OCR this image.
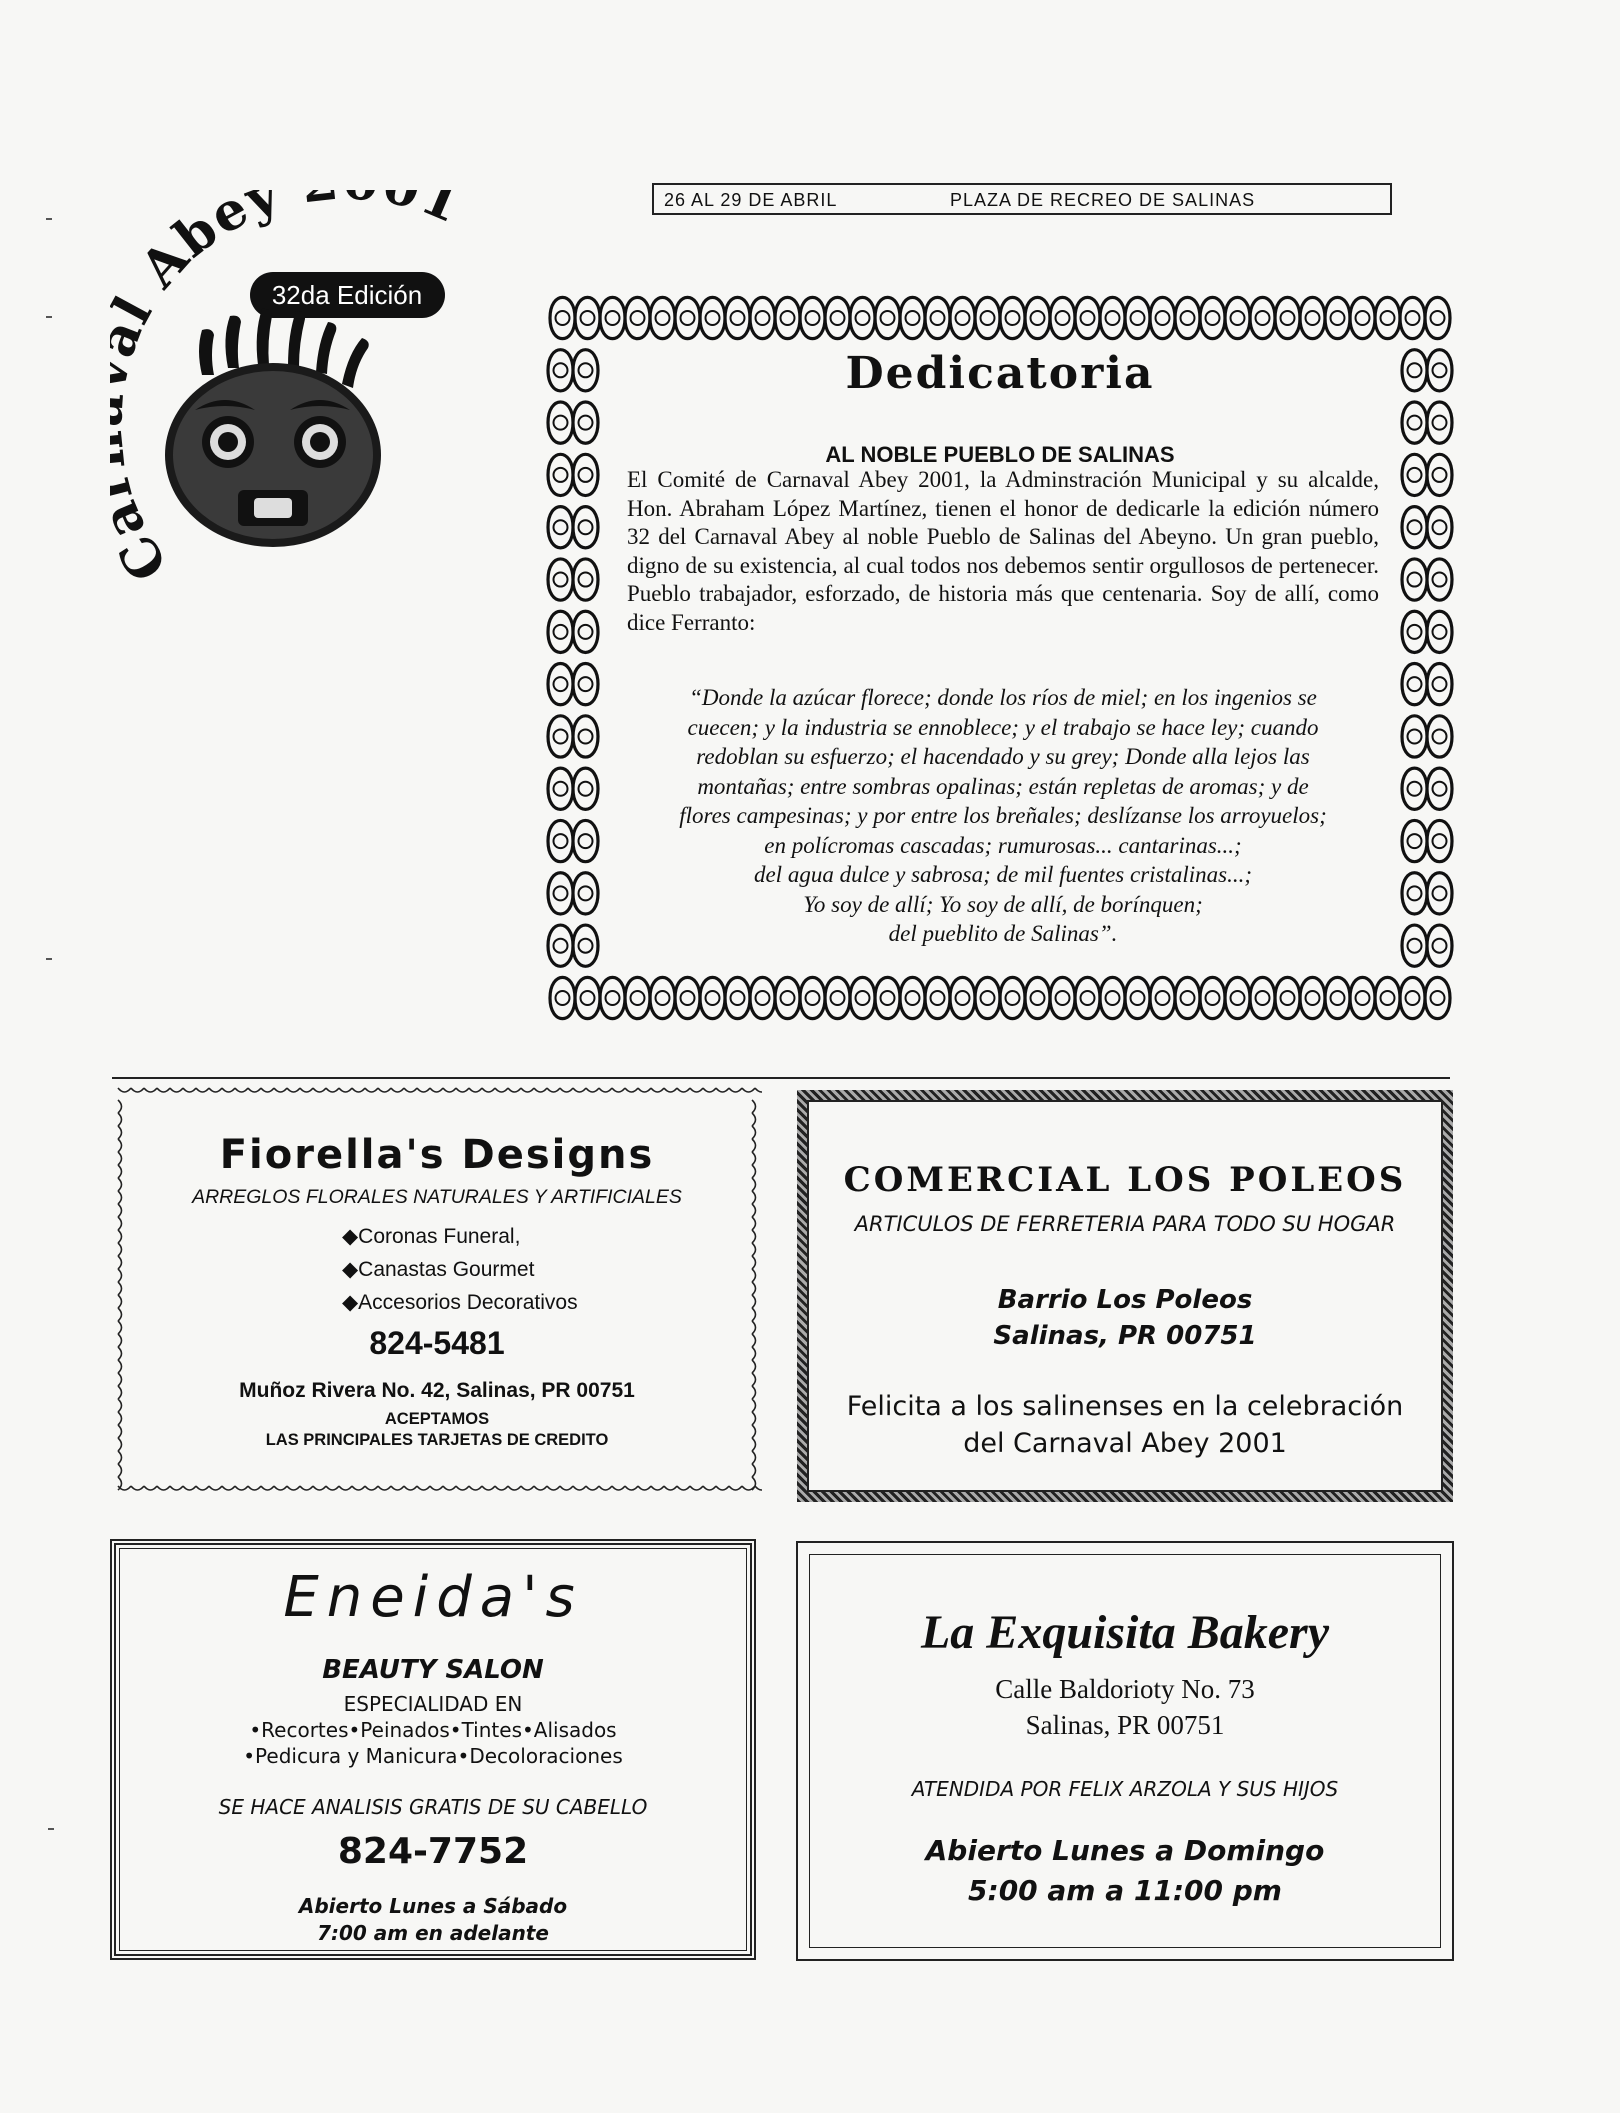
C Abey 1
32da Edición
26 AL 29 DE ABRIL	PLAZA DE RECREO DE SALINAS
Dedicatoria
AL NOBLE PUEBLO DE SALINAS
El Comité de Carnaval Abey 2001, la Adminstración Municipal y su alcalde, Hon. Abraham López Martínez, tienen el honor de dedicarle la edición número 32 del Carnaval Abey al noble Pueblo de Salinas del Abeyno. Un gran pueblo, digno de su existencia, al cual todos nos debemos sentir orgullosos de pertenecer. Pueblo trabajador, esforzado, de historia más que centenaria. Soy de allí, como dice Ferranto:
“Donde la azúcar florece; donde los ríos de miel; en los ingenios se
cuecen; y la industria se ennoblece; y el trabajo se hace ley; cuando
redoblan su esfuerzo; el hacendado y su grey; Donde alla lejos las
montañas; entre sombras opalinas; están repletas de aromas; y de
flores campesinas; y por entre los breñales; deslízanse los arroyuelos;
en polícromas cascadas; rumurosas... cantarinas...;
del agua dulce y sabrosa; de mil fuentes cristalinas...;
Yo soy de allí; Yo soy de allí, de borínquen;
del pueblito de Salinas”.
Fiorella's Designs
ARREGLOS FLORALES NATURALES Y ARTIFICIALES
◆Coronas Funeral,
◆Canastas Gourmet
◆Accesorios Decorativos
824-5481
Muñoz Rivera No. 42, Salinas, PR 00751
ACEPTAMOS
LAS PRINCIPALES TARJETAS DE CREDITO
COMERCIAL LOS POLEOS
ARTICULOS DE FERRETERIA PARA TODO SU HOGAR
Barrio Los Poleos
Salinas, PR 00751
Felicita a los salinenses en la celebración
del Carnaval Abey 2001
Eneida's
BEAUTY SALON
ESPECIALIDAD EN
•Recortes•Peinados•Tintes•Alisados
•Pedicura y Manicura•Decoloraciones
SE HACE ANALISIS GRATIS DE SU CABELLO
824-7752
Abierto Lunes a Sábado
7:00 am en adelante
La Exquisita Bakery
Calle Baldorioty No. 73
Salinas, PR 00751
ATENDIDA POR FELIX ARZOLA Y SUS HIJOS
Abierto Lunes a Domingo
5:00 am a 11:00 pm
